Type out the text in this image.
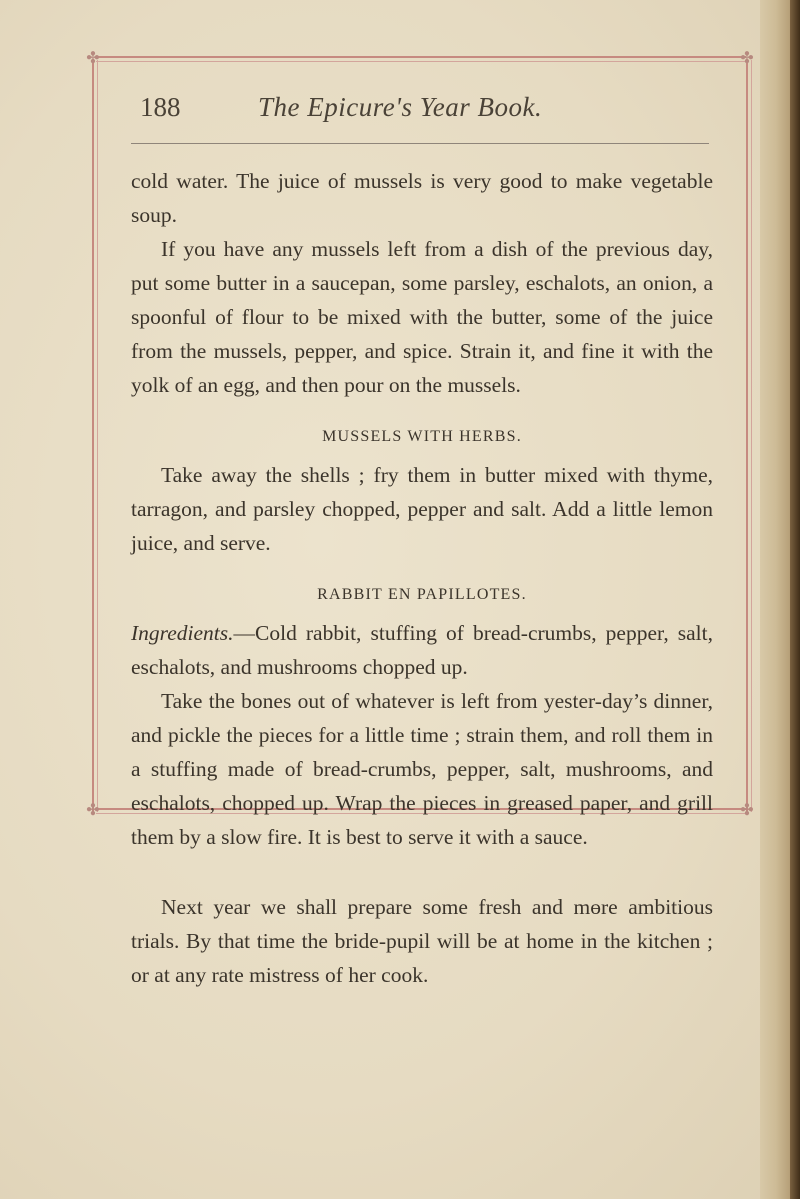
✤	✤
✤	✤
188	The Epicure's Year Book.

cold water. The juice of mussels is very good to make vegetable soup.

If you have any mussels left from a dish of the previous day, put some butter in a saucepan, some parsley, eschalots, an onion, a spoonful of flour to be mixed with the butter, some of the juice from the mussels, pepper, and spice. Strain it, and fine it with the yolk of an egg, and then pour on the mussels.

MUSSELS WITH HERBS.

Take away the shells ; fry them in butter mixed with thyme, tarragon, and parsley chopped, pepper and salt. Add a little lemon juice, and serve.

RABBIT EN PAPILLOTES.

Ingredients.—Cold rabbit, stuffing of bread-crumbs, pepper, salt, eschalots, and mushrooms chopped up.

Take the bones out of whatever is left from yester-day’s dinner, and pickle the pieces for a little time ; strain them, and roll them in a stuffing made of bread-crumbs, pepper, salt, mushrooms, and eschalots, chopped up. Wrap the pieces in greased paper, and grill them by a slow fire. It is best to serve it with a sauce.

Next year we shall prepare some fresh and mɵre ambitious trials. By that time the bride-pupil will be at home in the kitchen ; or at any rate mistress of her cook.
